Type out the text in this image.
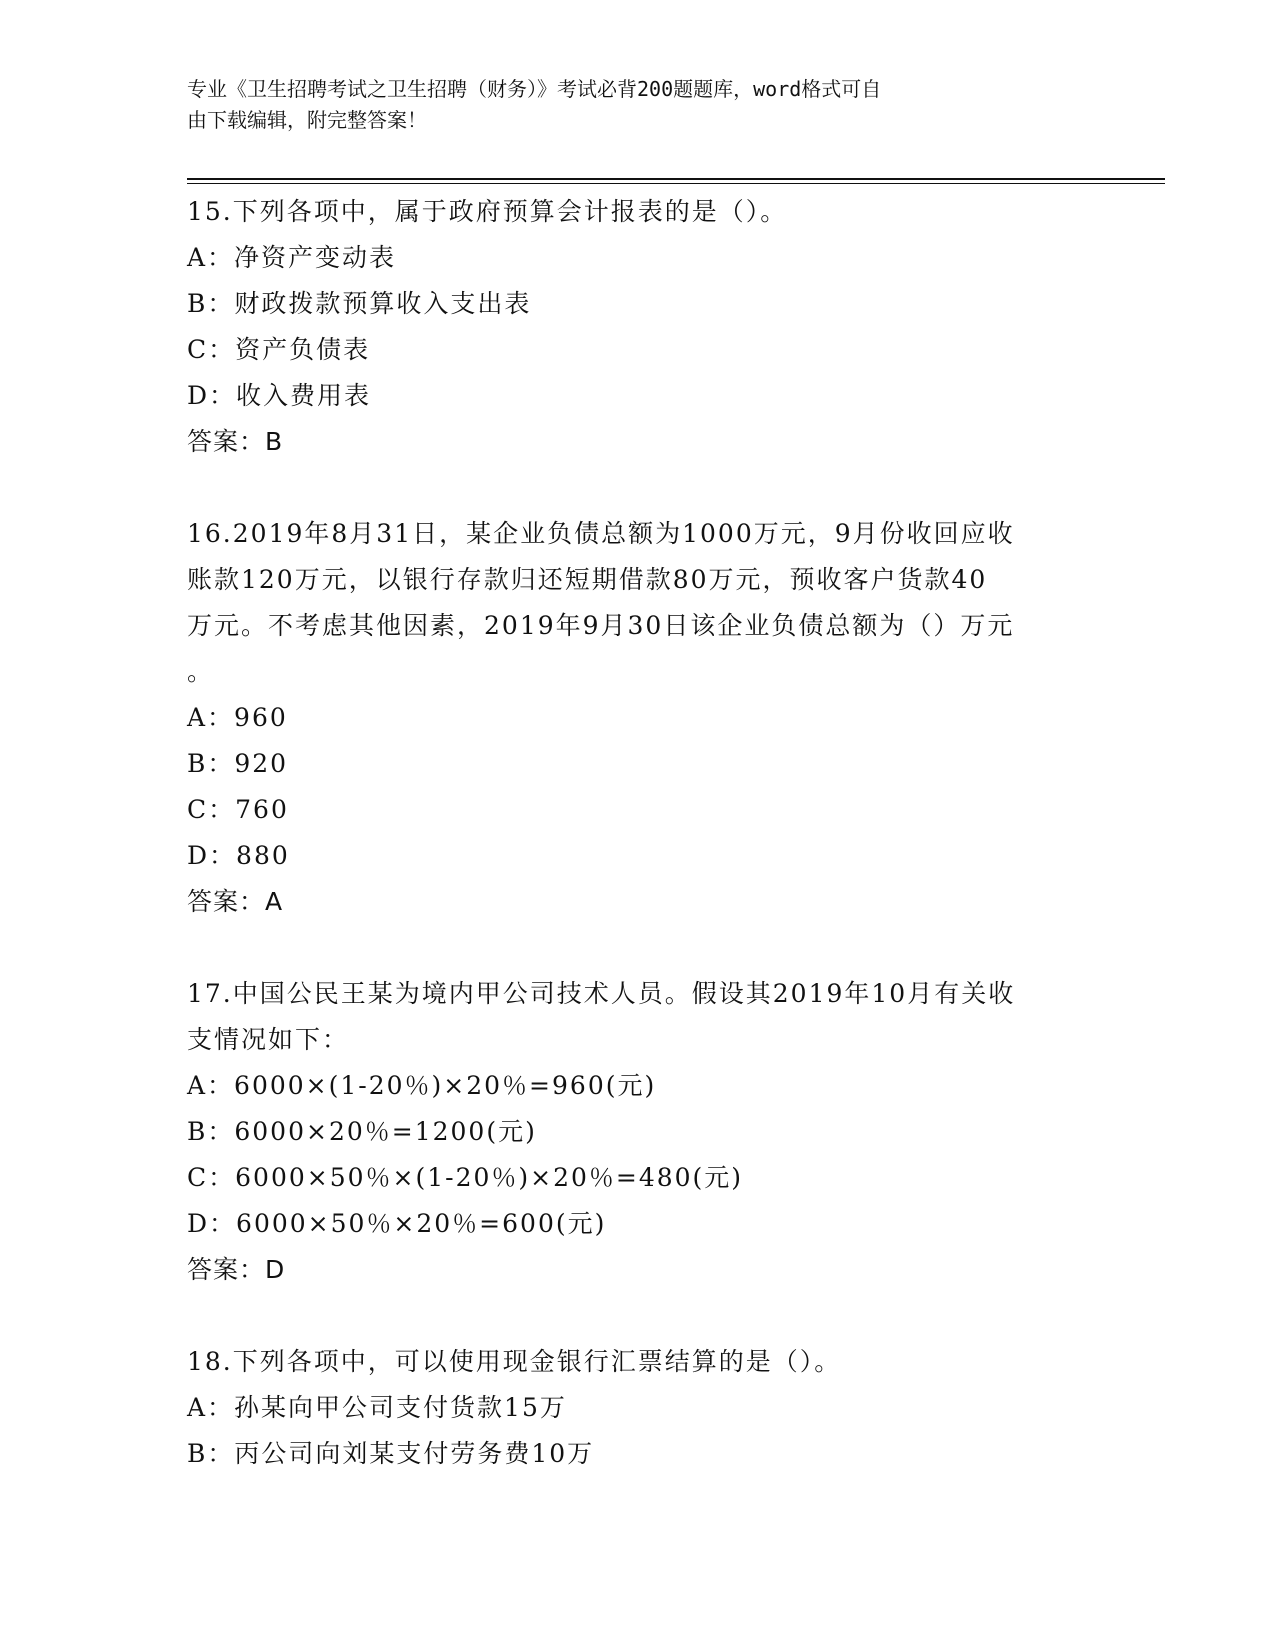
专业《卫生招聘考试之卫生招聘（财务）》考试必背200题题库，word格式可自
由下载编辑，附完整答案！
15.下列各项中，属于政府预算会计报表的是（）。
A：净资产变动表
B：财政拨款预算收入支出表
C：资产负债表
D：收入费用表
答案：B
16.2019年8月31日，某企业负债总额为1000万元，9月份收回应收
账款120万元，以银行存款归还短期借款80万元，预收客户货款40
万元。不考虑其他因素，2019年9月30日该企业负债总额为（）万元
。
A：960
B：920
C：760
D：880
答案：A
17.中国公民王某为境内甲公司技术人员。假设其2019年10月有关收
支情况如下：
A：6000×(1-20％)×20％=960(元)
B：6000×20％=1200(元)
C：6000×50％×(1-20％)×20％=480(元)
D：6000×50％×20％=600(元)
答案：D
18.下列各项中，可以使用现金银行汇票结算的是（）。
A：孙某向甲公司支付货款15万
B：丙公司向刘某支付劳务费10万
